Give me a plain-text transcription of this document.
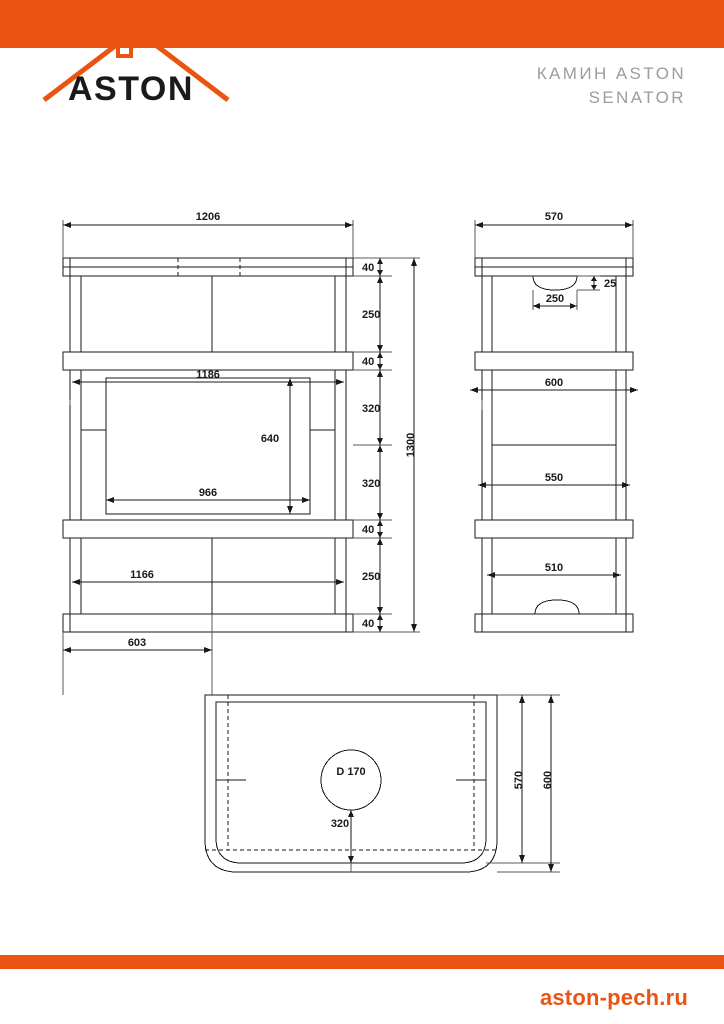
ASTON	КАМИН ASTON
SENATOR
1206
40
250
40
320
320
40
250
40
1186
640
966
1166
603
1300
570
250
25
600
550
510
D 170
320
570 600
aston-pech.ru
